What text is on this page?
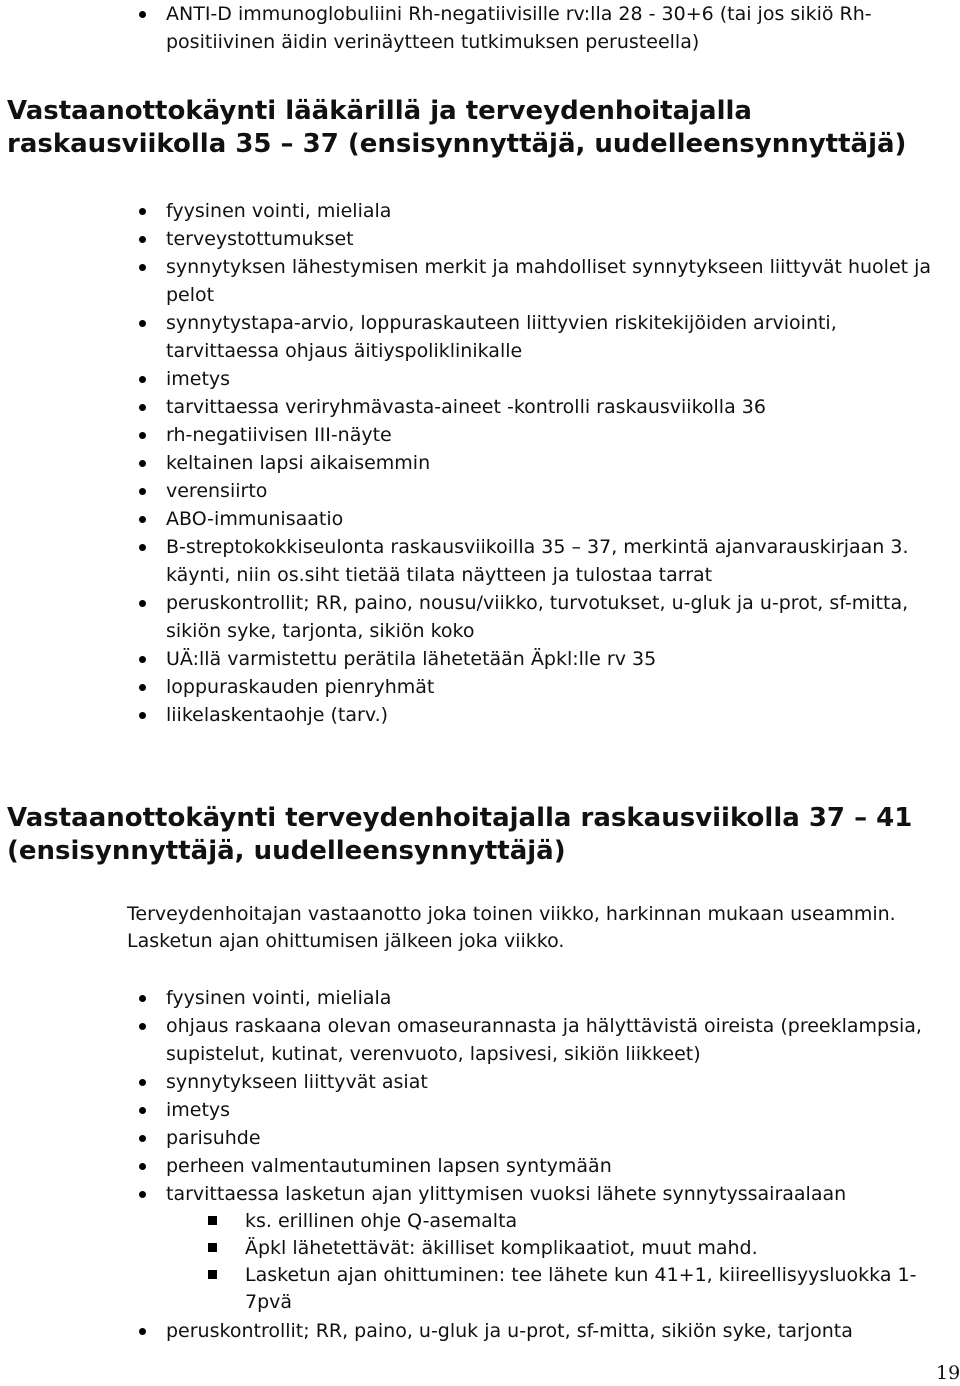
ANTI-D immunoglobuliini Rh-negatiivisille rv:lla 28 - 30+6 (tai jos sikiö Rh-positiivinen äidin verinäytteen tutkimuksen perusteella)
Vastaanottokäynti lääkärillä ja terveydenhoitajalla raskausviikolla 35 – 37 (ensisynnyttäjä, uudelleensynnyttäjä)
fyysinen vointi, mieliala
terveystottumukset
synnytyksen lähestymisen merkit ja mahdolliset synnytykseen liittyvät huolet ja pelot
synnytystapa-arvio, loppuraskauteen liittyvien riskitekijöiden arviointi, tarvittaessa ohjaus äitiyspoliklinikalle
imetys
tarvittaessa veriryhmävasta-aineet -kontrolli raskausviikolla 36
rh-negatiivisen III-näyte
keltainen lapsi aikaisemmin
verensiirto
ABO-immunisaatio
B-streptokokkiseulonta raskausviikoilla 35 – 37, merkintä ajanvarauskirjaan 3. käynti, niin os.siht tietää tilata näytteen ja tulostaa tarrat
peruskontrollit; RR, paino, nousu/viikko, turvotukset, u-gluk ja u-prot, sf-mitta, sikiön syke, tarjonta, sikiön koko
UÄ:llä varmistettu perätila lähetetään Äpkl:lle rv 35
loppuraskauden pienryhmät
liikelaskentaohje (tarv.)
Vastaanottokäynti terveydenhoitajalla raskausviikolla 37 – 41 (ensisynnyttäjä, uudelleensynnyttäjä)

Terveydenhoitajan vastaanotto joka toinen viikko, harkinnan mukaan useammin. Lasketun ajan ohittumisen jälkeen joka viikko.

fyysinen vointi, mieliala
ohjaus raskaana olevan omaseurannasta ja hälyttävistä oireista (preeklampsia, supistelut, kutinat, verenvuoto, lapsivesi, sikiön liikkeet)
synnytykseen liittyvät asiat
imetys
parisuhde
perheen valmentautuminen lapsen syntymään
tarvittaessa lasketun ajan ylittymisen vuoksi lähete synnytyssairaalaan
ks. erillinen ohje Q-asemalta
Äpkl lähetettävät: äkilliset komplikaatiot, muut mahd.
Lasketun ajan ohittuminen: tee lähete kun 41+1, kiireellisyysluokka 1-7pvä
peruskontrollit; RR, paino, u-gluk ja u-prot, sf-mitta, sikiön syke, tarjonta
19
